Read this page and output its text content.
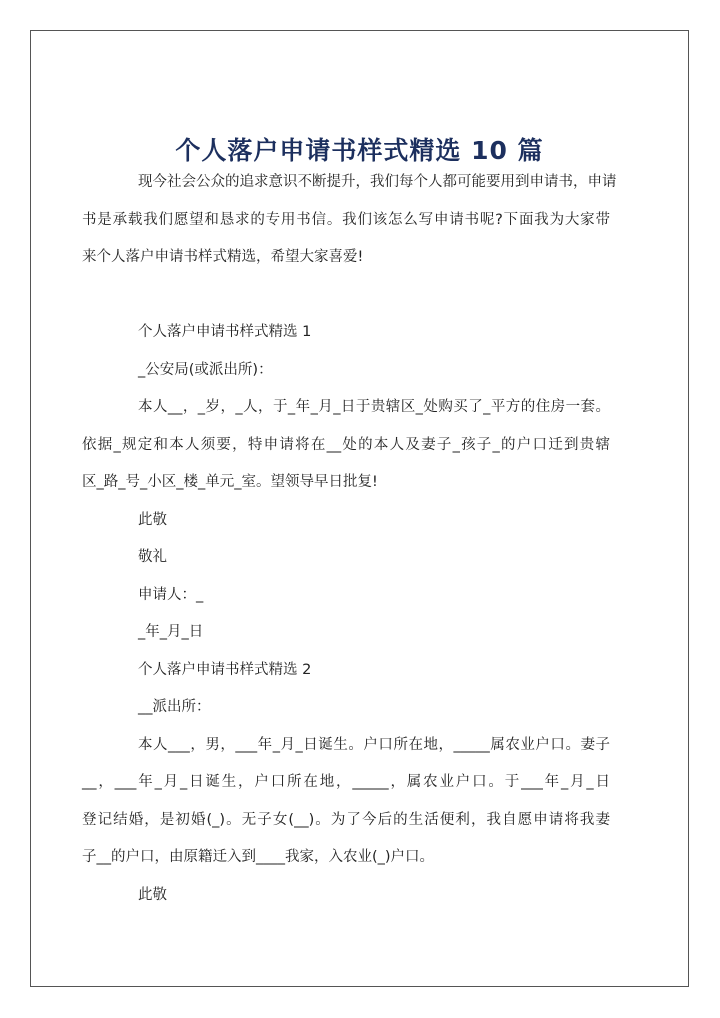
个人落户申请书样式精选 10 篇
现今社会公众的追求意识不断提升，我们每个人都可能要用到申请书，申请
书是承载我们愿望和恳求的专用书信。我们该怎么写申请书呢?下面我为大家带
来个人落户申请书样式精选，希望大家喜爱!
个人落户申请书样式精选 1
_公安局(或派出所)：
本人__，_岁，_人，于_年_月_日于贵辖区_处购买了_平方的住房一套。
依据_规定和本人须要，特申请将在__处的本人及妻子_孩子_的户口迁到贵辖
区_路_号_小区_楼_单元_室。望领导早日批复!
此敬
敬礼
申请人：_
_年_月_日
个人落户申请书样式精选 2
__派出所：
本人___，男，___年_月_日诞生。户口所在地，_____属农业户口。妻子
__，___年_月_日诞生，户口所在地，_____，属农业户口。于___年_月_日
登记结婚，是初婚(_)。无子女(__)。为了今后的生活便利，我自愿申请将我妻
子__的户口，由原籍迁入到____我家，入农业(_)户口。
此敬
